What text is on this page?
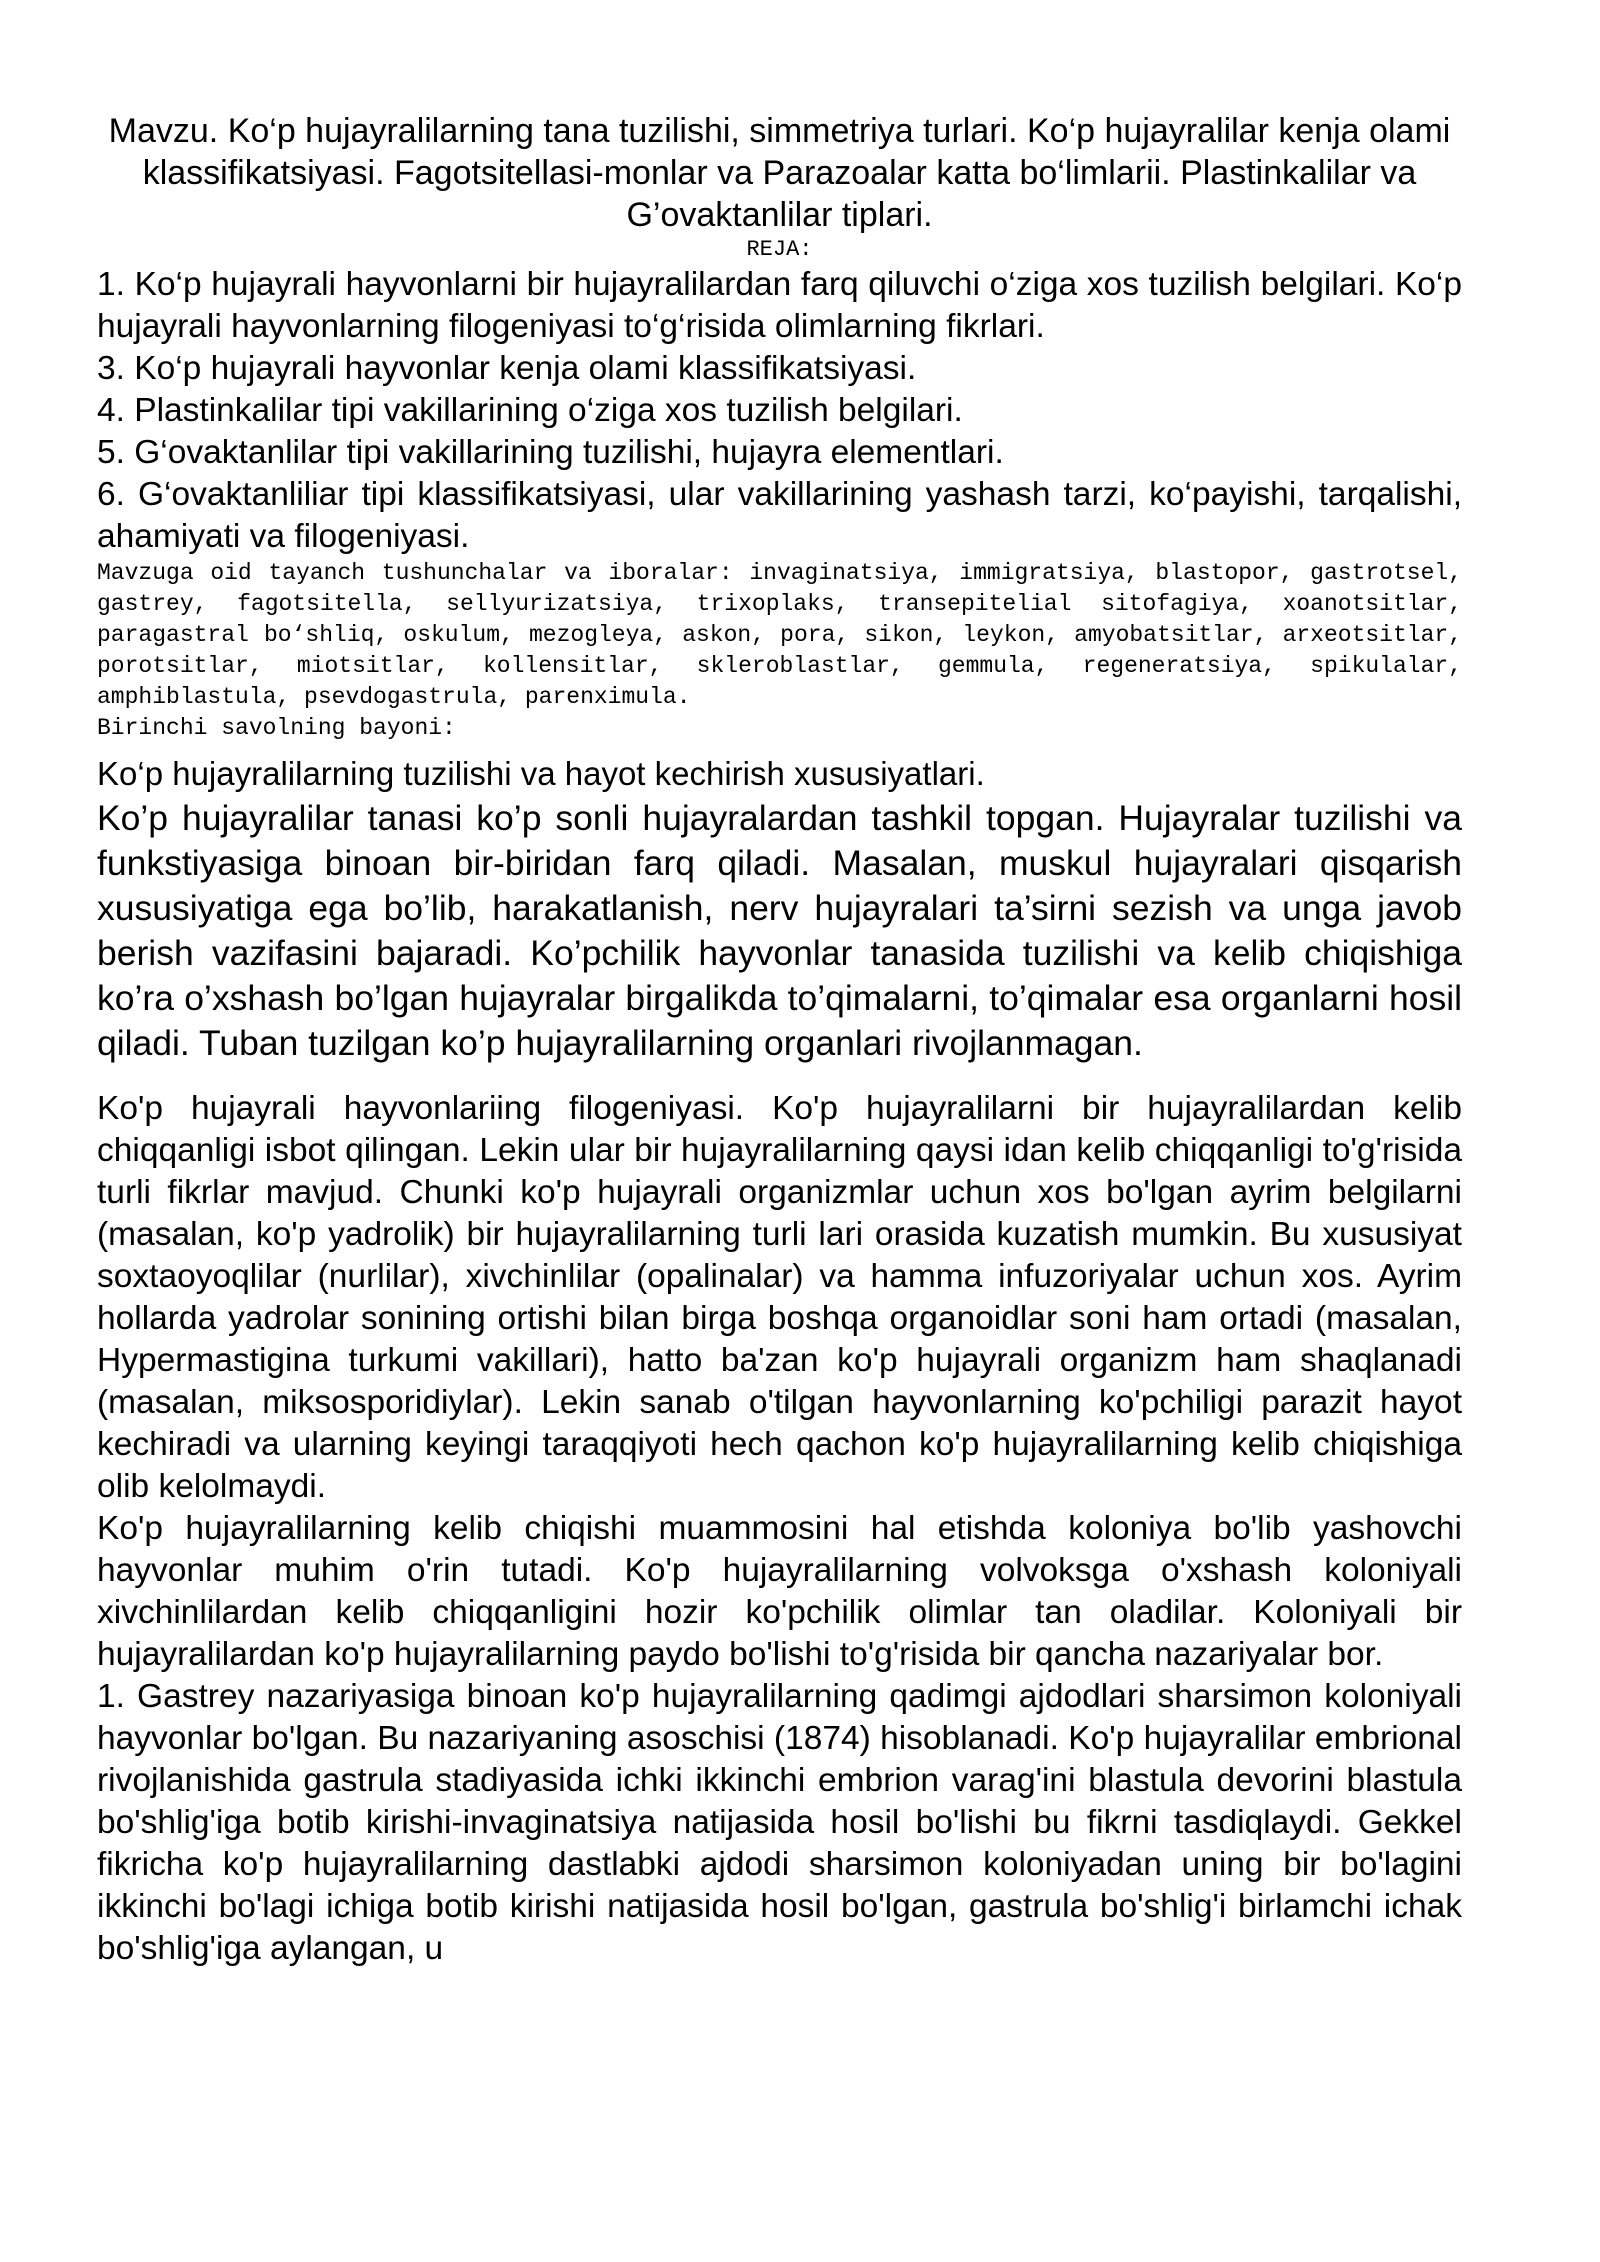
Mavzu. Ko‘p hujayralilarning tana tuzilishi, simmetriya turlari. Ko‘p hujayralilar kenja olami klassifikatsiyasi. Fagotsitellasi-monlar va Parazoalar katta bo‘limlarii. Plastinkalilar va G’ovaktanlilar tiplari.

REJA:

1. Ko‘p hujayrali hayvonlarni bir hujayralilardan farq qiluvchi o‘ziga xos tuzilish belgilari. Ko‘p hujayrali hayvonlarning filogeniyasi to‘g‘risida olimlarning fikrlari.

3. Ko‘p hujayrali hayvonlar kenja olami klassifikatsiyasi.

4. Plastinkalilar tipi vakillarining o‘ziga xos tuzilish belgilari.

5. G‘ovaktanlilar tipi vakillarining tuzilishi, hujayra elementlari.

6. G‘ovaktanliliar tipi klassifikatsiyasi, ular vakillarining yashash tarzi, ko‘payishi, tarqalishi, ahamiyati va filogeniyasi.

Mavzuga oid tayanch tushunchalar va iboralar: invaginatsiya, immigratsiya, blastopor, gastrotsel, gastrey, fagotsitella, sellyurizatsiya, trixoplaks, transepitelial sitofagiya, xoanotsitlar, paragastral bo‘shliq, oskulum, mezogleya, askon, pora, sikon, leykon, amyobatsitlar, arxeotsitlar, porotsitlar, miotsitlar, kollensitlar, skleroblastlar, gemmula, regeneratsiya, spikulalar, amphiblastula, psevdogastrula, parenximula.

Birinchi savolning bayoni:

Ko‘p hujayralilarning tuzilishi va hayot kechirish xususiyatlari.

Ko’p hujayralilar tanasi ko’p sonli hujayralardan tashkil topgan. Hujayralar tuzilishi va funkstiyasiga binoan bir-biridan farq qiladi. Masalan, muskul hujayralari qisqarish xususiyatiga ega bo’lib, harakatlanish, nerv hujayralari ta’sirni sezish va unga javob berish vazifasini bajaradi. Ko’pchilik hayvonlar tanasida tuzilishi va kelib chiqishiga ko’ra o’xshash bo’lgan hujayralar birgalikda to’qimalarni, to’qimalar esa organlarni hosil qiladi. Tuban tuzilgan ko’p hujayralilarning organlari rivojlanmagan.

Ko'p hujayrali hayvonlariing filogeniyasi. Ko'p hujayralilarni bir hujayralilardan kelib chiqqanligi isbot qilingan. Lekin ular bir hujayralilarning qaysi idan kelib chiqqanligi to'g'risida turli fikrlar mavjud. Chunki ko'p hujayrali organizmlar uchun xos bo'lgan ayrim belgilarni (masalan, ko'p yadrolik) bir hujayralilarning turli lari orasida kuzatish mumkin. Bu xususiyat soxtaoyoqlilar (nurlilar), xivchinlilar (opalinalar) va hamma infuzoriyalar uchun xos. Ayrim hollarda yadrolar sonining ortishi bilan birga boshqa organoidlar soni ham ortadi (masalan, Hypermastigina turkumi vakillari), hatto ba'zan ko'p hujayrali organizm ham shaqlanadi (masalan, miksosporidiylar). Lekin sanab o'tilgan hayvonlarning ko'pchiligi parazit hayot kechiradi va ularning keyingi taraqqiyoti hech qachon ko'p hujayralilarning kelib chiqishiga olib kelolmaydi.

Ko'p hujayralilarning kelib chiqishi muammosini hal etishda koloniya bo'lib yashovchi hayvonlar muhim o'rin tutadi. Ko'p hujayralilarning volvoksga o'xshash koloniyali xivchinlilardan kelib chiqqanligini hozir ko'pchilik olimlar tan oladilar. Koloniyali bir hujayralilardan ko'p hujayralilarning paydo bo'lishi to'g'risida bir qancha nazariyalar bor.

1. Gastrey nazariyasiga binoan ko'p hujayralilarning qadimgi ajdodlari sharsimon koloniyali hayvonlar bo'lgan. Bu nazariyaning asoschisi (1874) hisoblanadi. Ko'p hujayralilar embrional rivojlanishida gastrula stadiyasida ichki ikkinchi embrion varag'ini blastula devorini blastula bo'shlig'iga botib kirishi-invaginatsiya natijasida hosil bo'lishi bu fikrni tasdiqlaydi. Gekkel fikricha ko'p hujayralilarning dastlabki ajdodi sharsimon koloniyadan uning bir bo'lagini ikkinchi bo'lagi ichiga botib kirishi natijasida hosil bo'lgan, gastrula bo'shlig'i birlamchi ichak bo'shlig'iga aylangan, u
